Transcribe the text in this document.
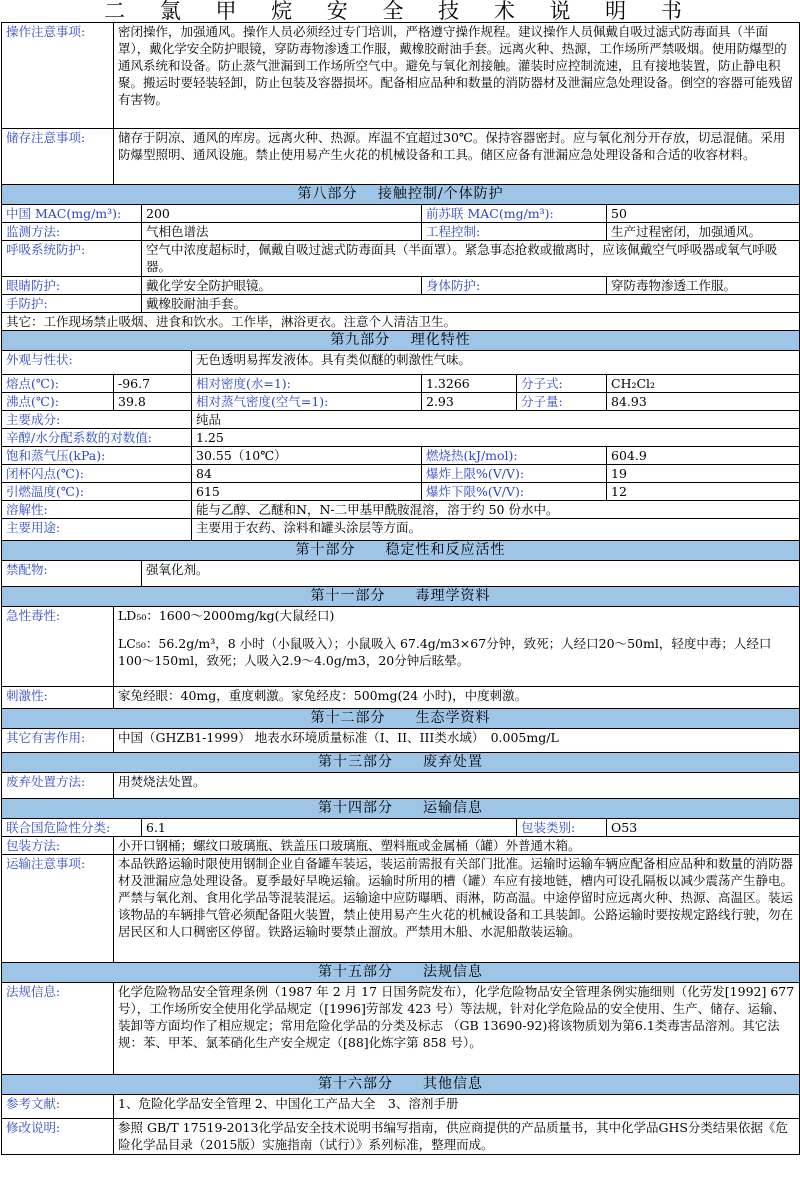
二 氯 甲 烷 安 全 技 术 说 明 书
操作注意事项:	密闭操作，加强通风。操作人员必须经过专门培训，严格遵守操作规程。建议操作人员佩戴自吸过滤式防毒面具（半面罩），戴化学安全防护眼镜，穿防毒物渗透工作服，戴橡胶耐油手套。远离火种、热源，工作场所严禁吸烟。使用防爆型的通风系统和设备。防止蒸气泄漏到工作场所空气中。避免与氧化剂接触。灌装时应控制流速，且有接地装置，防止静电积聚。搬运时要轻装轻卸，防止包装及容器损坏。配备相应品种和数量的消防器材及泄漏应急处理设备。倒空的容器可能残留有害物。					
储存注意事项:	储存于阴凉、通风的库房。远离火种、热源。库温不宜超过30℃。保持容器密封。应与氧化剂分开存放，切忌混储。采用防爆型照明、通风设施。禁止使用易产生火花的机械设备和工具。储区应备有泄漏应急处理设备和合适的收容材料。					
第八部分　 接触控制/个体防护						
中国 MAC(mg/m³):		200		前苏联 MAC(mg/m³):		50
监测方法:		气相色谱法		工程控制:		生产过程密闭，加强通风。
呼吸系统防护:		空气中浓度超标时，佩戴自吸过滤式防毒面具（半面罩）。紧急事态抢救或撤离时，应该佩戴空气呼吸器或氧气呼吸器。				
眼睛防护:		戴化学安全防护眼镜。		身体防护:		穿防毒物渗透工作服。
手防护:		戴橡胶耐油手套。				
其它：工作现场禁止吸烟、进食和饮水。工作毕，淋浴更衣。注意个人清洁卫生。						
第九部分　 理化特性						
外观与性状:			无色透明易挥发液体。具有类似醚的刺激性气味。			
熔点(℃):	-96.7		相对密度(水=1):	1.3266	分子式:	CH₂Cl₂
沸点(℃):	39.8		相对蒸气密度(空气=1):	2.93	分子量:	84.93
主要成分:			纯品			
辛醇/水分配系数的对数值:			1.25			
饱和蒸气压(kPa):			30.55（10℃）	燃烧热(kJ/mol):		604.9
闭杯闪点(℃):			84	爆炸上限%(V/V):		19
引燃温度(℃):			615	爆炸下限%(V/V):		12
溶解性:			能与乙醇、乙醚和N，N-二甲基甲酰胺混溶，溶于约 50 份水中。			
主要用途:			主要用于农药、涂料和罐头涂层等方面。			
第十部分　　稳定性和反应活性						
禁配物:		强氧化剂。				
第十一部分　　毒理学资料						
急性毒性:	LD₅₀：1600～2000mg/kg(大鼠经口)					
	LC₅₀：56.2g/m³，8 小时（小鼠吸入）；小鼠吸入 67.4g/m3×67分钟，致死；人经口20～50ml，轻度中毒；人经口100～150ml，致死；人吸入2.9～4.0g/m3，20分钟后眩晕。					
刺激性:	家兔经眼：40mg，重度刺激。家兔经皮：500mg(24 小时)，中度刺激。					
第十二部分　　生态学资料						
其它有害作用:	中国（GHZB1-1999） 地表水环境质量标准（I、II、III类水域）　0.005mg/L					
第十三部分　　废弃处置						
废弃处置方法:	用焚烧法处置。					
第十四部分　　运输信息						
联合国危险性分类:		6.1			包装类别:	O53
包装方法:	小开口钢桶；螺纹口玻璃瓶、铁盖压口玻璃瓶、塑料瓶或金属桶（罐）外普通木箱。					
运输注意事项:	本品铁路运输时限使用钢制企业自备罐车装运，装运前需报有关部门批准。运输时运输车辆应配备相应品种和数量的消防器材及泄漏应急处理设备。夏季最好早晚运输。运输时所用的槽（罐）车应有接地链，槽内可设孔隔板以减少震荡产生静电。严禁与氧化剂、食用化学品等混装混运。运输途中应防曝晒、雨淋，防高温。中途停留时应远离火种、热源、高温区。装运该物品的车辆排气管必须配备阻火装置，禁止使用易产生火花的机械设备和工具装卸。公路运输时要按规定路线行驶，勿在居民区和人口稠密区停留。铁路运输时要禁止溜放。严禁用木船、水泥船散装运输。					
第十五部分　　法规信息						
法规信息:	化学危险物品安全管理条例（1987 年 2 月 17 日国务院发布），化学危险物品安全管理条例实施细则（化劳发[1992] 677 号），工作场所安全使用化学品规定（[1996]劳部发 423 号）等法规，针对化学危险品的安全使用、生产、储存、运输、装卸等方面均作了相应规定；常用危险化学品的分类及标志 （GB 13690-92)将该物质划为第6.1类毒害品溶剂。其它法规：苯、甲苯、氯苯硝化生产安全规定（[88]化炼字第 858 号）。					
第十六部分　　其他信息						
参考文献:	1、危险化学品安全管理 2、中国化工产品大全　3、溶剂手册					
修改说明:	参照 GB/T 17519-2013化学品安全技术说明书编写指南，供应商提供的产品质量书，其中化学品GHS分类结果依据《危险化学品目录（2015版）实施指南（试行）》系列标准，整理而成。					
